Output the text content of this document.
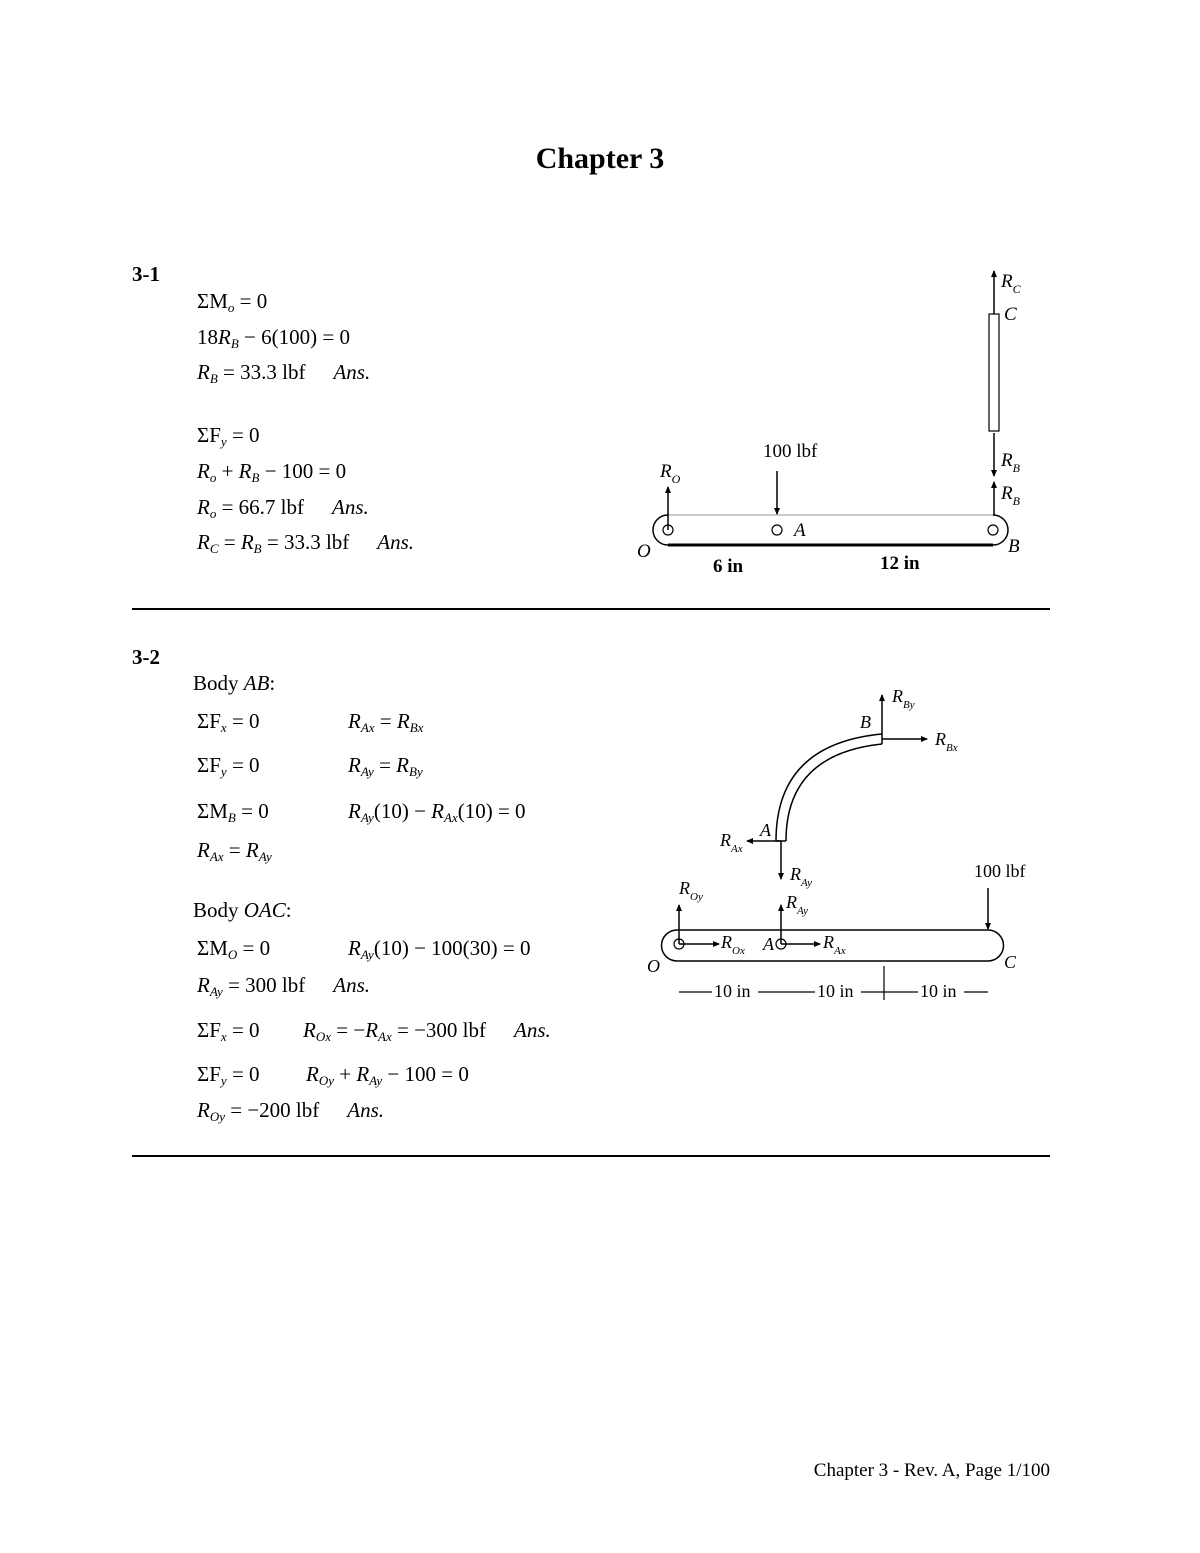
Chapter 3
3-1
$\Sigma M_o = 0$
$18R_B - 6(100) = 0$
$R_B = 33.3$ lbf Ans.
$\Sigma F_y = 0$
$R_o + R_B - 100 = 0$
$R_o = 66.7$ lbf Ans.
$R_C = R_B = 33.3$ lbf Ans.
100 lbf
$R_O$
$R_C$
C
$R_B$
$R_B$
O
A
B
6 in	12 in
3-2
Body AB:
$\Sigma F_x = 0$	$R_{Ax} = R_{Bx}$
$\Sigma F_y = 0$	$R_{Ay} = R_{By}$
$\Sigma M_B = 0$	$R_{Ay}(10) - R_{Ax}(10) = 0$
$R_{Ax} = R_{Ay}$
Body OAC:
$\Sigma M_O = 0$	$R_{Ay}(10) - 100(30) = 0$
$R_{Ay} = 300$ lbf Ans.
$\Sigma F_x = 0$ $R_{Ox} = -R_{Ax} = -300$ lbf Ans.
$\Sigma F_y = 0$ $R_{Oy} + R_{Ay} - 100 = 0$
$R_{Oy} = -200$ lbf Ans.
$R_{By}$
$R_{Bx}$
B
A
$R_{Ax}$
$R_{Ay}$
$R_{Oy}$	$R_{Ay}$
$R_{Ox}$ A	$R_{Ax}$
100 lbf
O	C
10 in	10 in	10 in
Chapter 3 - Rev. A, Page 1/100
